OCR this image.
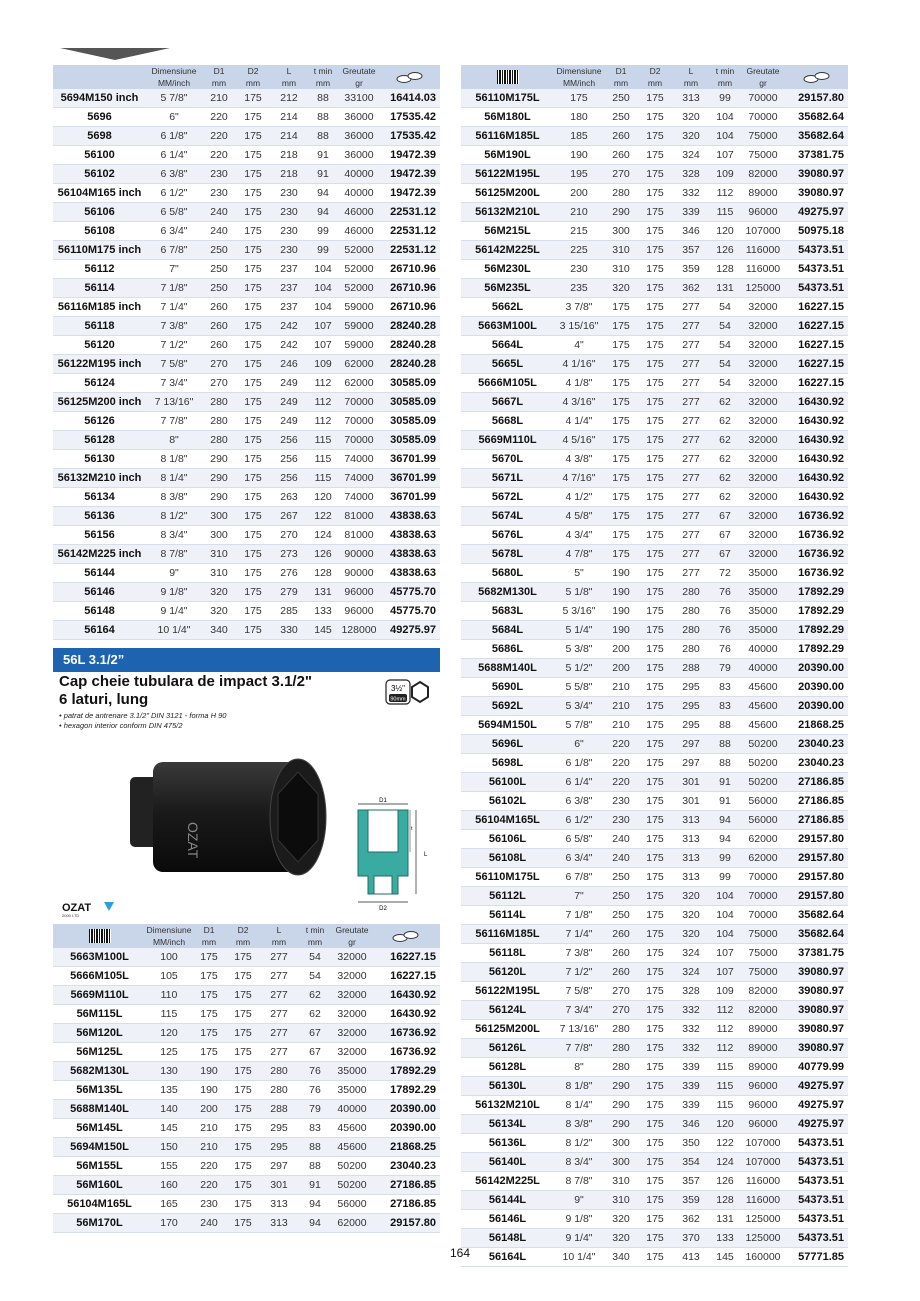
	Dimensiune	D1	D2	L	t min	Greutate	
	MM/inch	mm	mm	mm	mm	gr	
5694M150 inch	5 7/8"	210	175	212	88	33100	16414.03
5696	6"	220	175	214	88	36000	17535.42
5698	6 1/8"	220	175	214	88	36000	17535.42
56100	6 1/4"	220	175	218	91	36000	19472.39
56102	6 3/8"	230	175	218	91	40000	19472.39
56104M165 inch	6 1/2"	230	175	230	94	40000	19472.39
56106	6 5/8"	240	175	230	94	46000	22531.12
56108	6 3/4"	240	175	230	99	46000	22531.12
56110M175 inch	6 7/8"	250	175	230	99	52000	22531.12
56112	7"	250	175	237	104	52000	26710.96
56114	7 1/8"	250	175	237	104	52000	26710.96
56116M185 inch	7 1/4"	260	175	237	104	59000	26710.96
56118	7 3/8"	260	175	242	107	59000	28240.28
56120	7 1/2"	260	175	242	107	59000	28240.28
56122M195 inch	7 5/8"	270	175	246	109	62000	28240.28
56124	7 3/4"	270	175	249	112	62000	30585.09
56125M200 inch	7 13/16"	280	175	249	112	70000	30585.09
56126	7 7/8"	280	175	249	112	70000	30585.09
56128	8"	280	175	256	115	70000	30585.09
56130	8 1/8"	290	175	256	115	74000	36701.99
56132M210 inch	8 1/4"	290	175	256	115	74000	36701.99
56134	8 3/8"	290	175	263	120	74000	36701.99
56136	8 1/2"	300	175	267	122	81000	43838.63
56156	8 3/4"	300	175	270	124	81000	43838.63
56142M225 inch	8 7/8"	310	175	273	126	90000	43838.63
56144	9"	310	175	276	128	90000	43838.63
56146	9 1/8"	320	175	279	131	96000	45775.70
56148	9 1/4"	320	175	285	133	96000	45775.70
56164	10 1/4"	340	175	330	145	128000	49275.97
	Dimensiune	D1	D2	L	t min	Greutate	
	MM/inch	mm	mm	mm	mm	gr	
56110M175L	175	250	175	313	99	70000	29157.80
56M180L	180	250	175	320	104	70000	35682.64
56116M185L	185	260	175	320	104	75000	35682.64
56M190L	190	260	175	324	107	75000	37381.75
56122M195L	195	270	175	328	109	82000	39080.97
56125M200L	200	280	175	332	112	89000	39080.97
56132M210L	210	290	175	339	115	96000	49275.97
56M215L	215	300	175	346	120	107000	50975.18
56142M225L	225	310	175	357	126	116000	54373.51
56M230L	230	310	175	359	128	116000	54373.51
56M235L	235	320	175	362	131	125000	54373.51
5662L	3 7/8"	175	175	277	54	32000	16227.15
5663M100L	3 15/16"	175	175	277	54	32000	16227.15
5664L	4"	175	175	277	54	32000	16227.15
5665L	4 1/16"	175	175	277	54	32000	16227.15
5666M105L	4 1/8"	175	175	277	54	32000	16227.15
5667L	4 3/16"	175	175	277	62	32000	16430.92
5668L	4 1/4"	175	175	277	62	32000	16430.92
5669M110L	4 5/16"	175	175	277	62	32000	16430.92
5670L	4 3/8"	175	175	277	62	32000	16430.92
5671L	4 7/16"	175	175	277	62	32000	16430.92
5672L	4 1/2"	175	175	277	62	32000	16430.92
5674L	4 5/8"	175	175	277	67	32000	16736.92
5676L	4 3/4"	175	175	277	67	32000	16736.92
5678L	4 7/8"	175	175	277	67	32000	16736.92
5680L	5"	190	175	277	72	35000	16736.92
5682M130L	5 1/8"	190	175	280	76	35000	17892.29
5683L	5 3/16"	190	175	280	76	35000	17892.29
5684L	5 1/4"	190	175	280	76	35000	17892.29
5686L	5 3/8"	200	175	280	76	40000	17892.29
5688M140L	5 1/2"	200	175	288	79	40000	20390.00
5690L	5 5/8"	210	175	295	83	45600	20390.00
5692L	5 3/4"	210	175	295	83	45600	20390.00
5694M150L	5 7/8"	210	175	295	88	45600	21868.25
5696L	6"	220	175	297	88	50200	23040.23
5698L	6 1/8"	220	175	297	88	50200	23040.23
56100L	6 1/4"	220	175	301	91	50200	27186.85
56102L	6 3/8"	230	175	301	91	56000	27186.85
56104M165L	6 1/2"	230	175	313	94	56000	27186.85
56106L	6 5/8"	240	175	313	94	62000	29157.80
56108L	6 3/4"	240	175	313	99	62000	29157.80
56110M175L	6 7/8"	250	175	313	99	70000	29157.80
56112L	7"	250	175	320	104	70000	29157.80
56114L	7 1/8"	250	175	320	104	70000	35682.64
56116M185L	7 1/4"	260	175	320	104	75000	35682.64
56118L	7 3/8"	260	175	324	107	75000	37381.75
56120L	7 1/2"	260	175	324	107	75000	39080.97
56122M195L	7 5/8"	270	175	328	109	82000	39080.97
56124L	7 3/4"	270	175	332	112	82000	39080.97
56125M200L	7 13/16"	280	175	332	112	89000	39080.97
56126L	7 7/8"	280	175	332	112	89000	39080.97
56128L	8"	280	175	339	115	89000	40779.99
56130L	8 1/8"	290	175	339	115	96000	49275.97
56132M210L	8 1/4"	290	175	339	115	96000	49275.97
56134L	8 3/8"	290	175	346	120	96000	49275.97
56136L	8 1/2"	300	175	350	122	107000	54373.51
56140L	8 3/4"	300	175	354	124	107000	54373.51
56142M225L	8 7/8"	310	175	357	126	116000	54373.51
56144L	9"	310	175	359	128	116000	54373.51
56146L	9 1/8"	320	175	362	131	125000	54373.51
56148L	9 1/4"	320	175	370	133	125000	54373.51
56164L	10 1/4"	340	175	413	145	160000	57771.85
56L 3.1/2”
Cap cheie tubulara de impact 3.1/2"
6 laturi, lung
• patrat de antrenare 3.1/2" DIN 3121 - forma H 90
• hexagon interior conform DIN 475/2
3½"
90mm
OZAT
D1
L
t
D2
OZAT
2000 LTD
	Dimensiune	D1	D2	L	t min	Greutate	
	MM/inch	mm	mm	mm	mm	gr	
5663M100L	100	175	175	277	54	32000	16227.15
5666M105L	105	175	175	277	54	32000	16227.15
5669M110L	110	175	175	277	62	32000	16430.92
56M115L	115	175	175	277	62	32000	16430.92
56M120L	120	175	175	277	67	32000	16736.92
56M125L	125	175	175	277	67	32000	16736.92
5682M130L	130	190	175	280	76	35000	17892.29
56M135L	135	190	175	280	76	35000	17892.29
5688M140L	140	200	175	288	79	40000	20390.00
56M145L	145	210	175	295	83	45600	20390.00
5694M150L	150	210	175	295	88	45600	21868.25
56M155L	155	220	175	297	88	50200	23040.23
56M160L	160	220	175	301	91	50200	27186.85
56104M165L	165	230	175	313	94	56000	27186.85
56M170L	170	240	175	313	94	62000	29157.80
164
